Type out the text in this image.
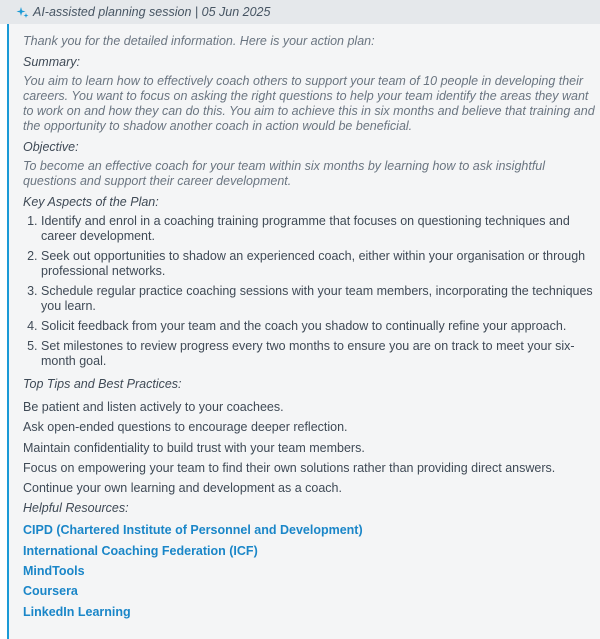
AI-assisted planning session | 05 Jun 2025
Thank you for the detailed information. Here is your action plan:
Summary:
You aim to learn how to effectively coach others to support your team of 10 people in developing their careers. You want to focus on asking the right questions to help your team identify the areas they want to work on and how they can do this. You aim to achieve this in six months and believe that training and the opportunity to shadow another coach in action would be beneficial.
Objective:
To become an effective coach for your team within six months by learning how to ask insightful questions and support their career development.
Key Aspects of the Plan:
1. Identify and enrol in a coaching training programme that focuses on questioning techniques and career development.
2. Seek out opportunities to shadow an experienced coach, either within your organisation or through professional networks.
3. Schedule regular practice coaching sessions with your team members, incorporating the techniques you learn.
4. Solicit feedback from your team and the coach you shadow to continually refine your approach.
5. Set milestones to review progress every two months to ensure you are on track to meet your six-month goal.
Top Tips and Best Practices:
Be patient and listen actively to your coachees.
Ask open-ended questions to encourage deeper reflection.
Maintain confidentiality to build trust with your team members.
Focus on empowering your team to find their own solutions rather than providing direct answers.
Continue your own learning and development as a coach.
Helpful Resources:
CIPD (Chartered Institute of Personnel and Development)
International Coaching Federation (ICF)
MindTools
Coursera
LinkedIn Learning
